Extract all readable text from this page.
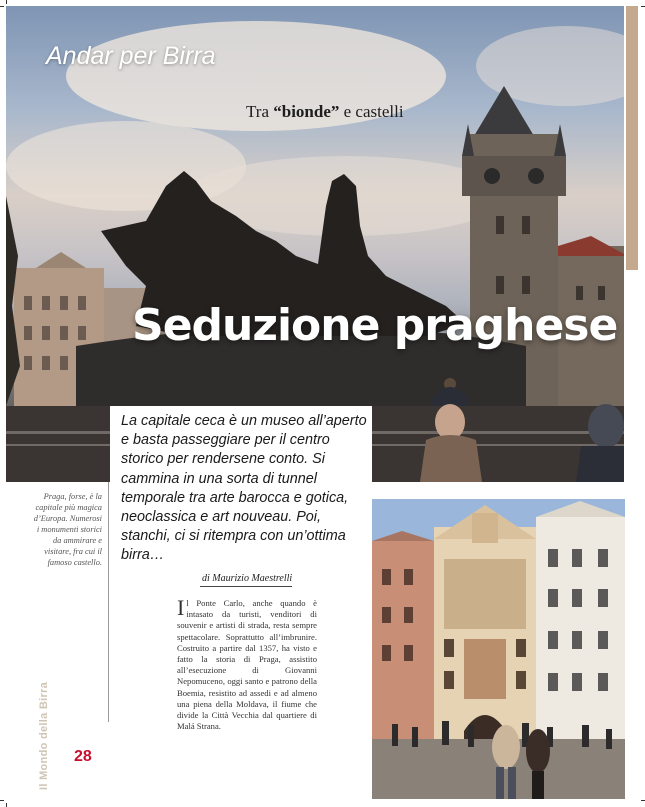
Andar per Birra
Tra “bionde” e castelli
Seduzione praghese
La capitale ceca è un museo all’aperto e basta passeggiare per il centro storico per rendersene conto. Si cammina in una sorta di tunnel temporale tra arte barocca e gotica, neoclassica e art nouveau. Poi, stanchi, ci si ritempra con un’ottima birra…
Praga, forse, è la capitale più magica d’Europa. Numerosi i monumenti storici da ammirare e visitare, fra cui il famoso castello.
di Maurizio Maestrelli
Il Ponte Carlo, anche quando è intasato da turisti, venditori di souvenir e artisti di strada, resta sempre spettacolare. Soprattutto all’imbrunire. Costruito a partire dal 1357, ha visto e fatto la storia di Praga, assistito all’esecuzione di Giovanni Nepomuceno, oggi santo e patrono della Boemia, resistito ad assedi e ad almeno una piena della Moldava, il fiume che divide la Città Vecchia dal quartiere di Malá Strana.
Il Mondo della Birra 28
